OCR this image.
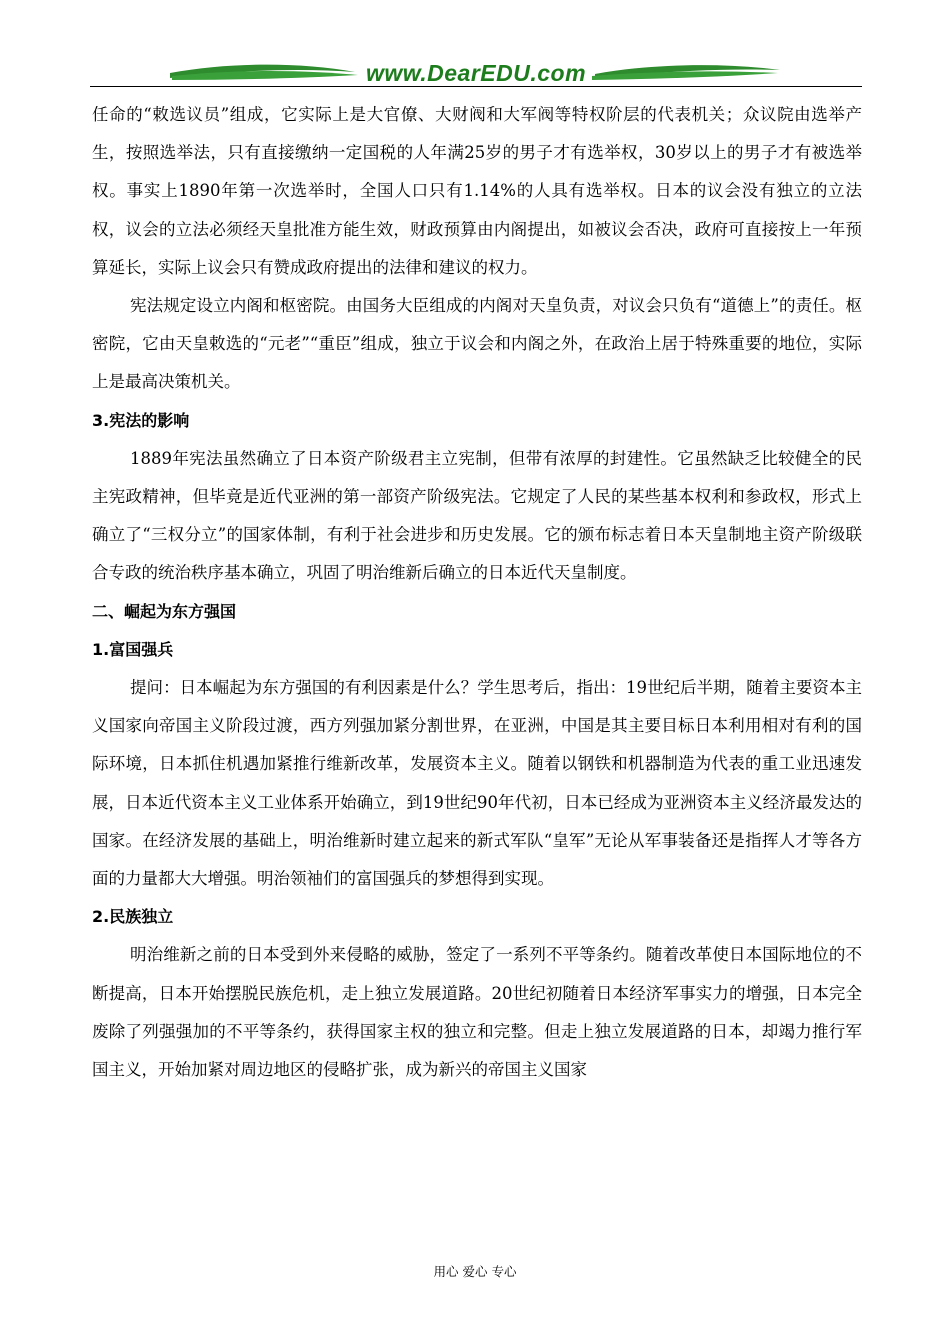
www.DearEDU.com

任命的“敕选议员”组成，它实际上是大官僚、大财阀和大军阀等特权阶层的代表机关；众议院由选举产生，按照选举法，只有直接缴纳一定国税的人年满25岁的男子才有选举权，30岁以上的男子才有被选举权。事实上1890年第一次选举时，全国人口只有1.14%的人具有选举权。日本的议会没有独立的立法权，议会的立法必须经天皇批准方能生效，财政预算由内阁提出，如被议会否决，政府可直接按上一年预算延长，实际上议会只有赞成政府提出的法律和建议的权力。

宪法规定设立内阁和枢密院。由国务大臣组成的内阁对天皇负责，对议会只负有“道德上”的责任。枢密院，它由天皇敕选的“元老”“重臣”组成，独立于议会和内阁之外，在政治上居于特殊重要的地位，实际上是最高决策机关。

3.宪法的影响

1889年宪法虽然确立了日本资产阶级君主立宪制，但带有浓厚的封建性。它虽然缺乏比较健全的民主宪政精神，但毕竟是近代亚洲的第一部资产阶级宪法。它规定了人民的某些基本权利和参政权，形式上确立了“三权分立”的国家体制，有利于社会进步和历史发展。它的颁布标志着日本天皇制地主资产阶级联合专政的统治秩序基本确立，巩固了明治维新后确立的日本近代天皇制度。

二、崛起为东方强国

1.富国强兵

提问：日本崛起为东方强国的有利因素是什么？学生思考后，指出：19世纪后半期，随着主要资本主义国家向帝国主义阶段过渡，西方列强加紧分割世界，在亚洲，中国是其主要目标日本利用相对有利的国际环境，日本抓住机遇加紧推行维新改革，发展资本主义。随着以钢铁和机器制造为代表的重工业迅速发展，日本近代资本主义工业体系开始确立，到19世纪90年代初，日本已经成为亚洲资本主义经济最发达的国家。在经济发展的基础上，明治维新时建立起来的新式军队“皇军”无论从军事装备还是指挥人才等各方面的力量都大大增强。明治领袖们的富国强兵的梦想得到实现。

2.民族独立

明治维新之前的日本受到外来侵略的威胁，签定了一系列不平等条约。随着改革使日本国际地位的不断提高，日本开始摆脱民族危机，走上独立发展道路。20世纪初随着日本经济军事实力的增强，日本完全废除了列强强加的不平等条约，获得国家主权的独立和完整。但走上独立发展道路的日本，却竭力推行军国主义，开始加紧对周边地区的侵略扩张，成为新兴的帝国主义国家

用心 爱心 专心
